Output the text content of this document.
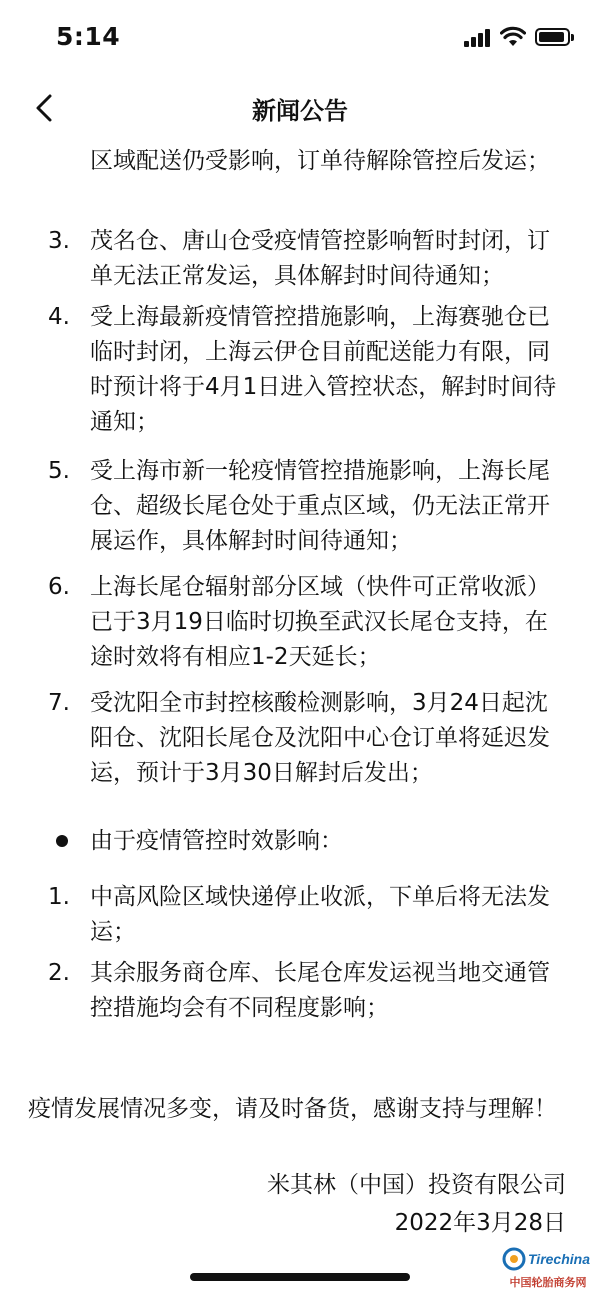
5:14
新闻公告
区域配送仍受影响，订单待解除管控后发运；
3. 茂名仓、唐山仓受疫情管控影响暂时封闭，订单无法正常发运，具体解封时间待通知；
4. 受上海最新疫情管控措施影响，上海赛驰仓已临时封闭，上海云伊仓目前配送能力有限，同时预计将于4月1日进入管控状态，解封时间待通知；
5. 受上海市新一轮疫情管控措施影响，上海长尾仓、超级长尾仓处于重点区域，仍无法正常开展运作，具体解封时间待通知；
6. 上海长尾仓辐射部分区域（快件可正常收派）已于3月19日临时切换至武汉长尾仓支持，在途时效将有相应1-2天延长；
7. 受沈阳全市封控核酸检测影响，3月24日起沈阳仓、沈阳长尾仓及沈阳中心仓订单将延迟发运，预计于3月30日解封后发出；
由于疫情管控时效影响：
1. 中高风险区域快递停止收派，下单后将无法发运；
2. 其余服务商仓库、长尾仓库发运视当地交通管控措施均会有不同程度影响；
疫情发展情况多变，请及时备货，感谢支持与理解！
米其林（中国）投资有限公司
2022年3月28日
Tirechina
中国轮胎商务网
